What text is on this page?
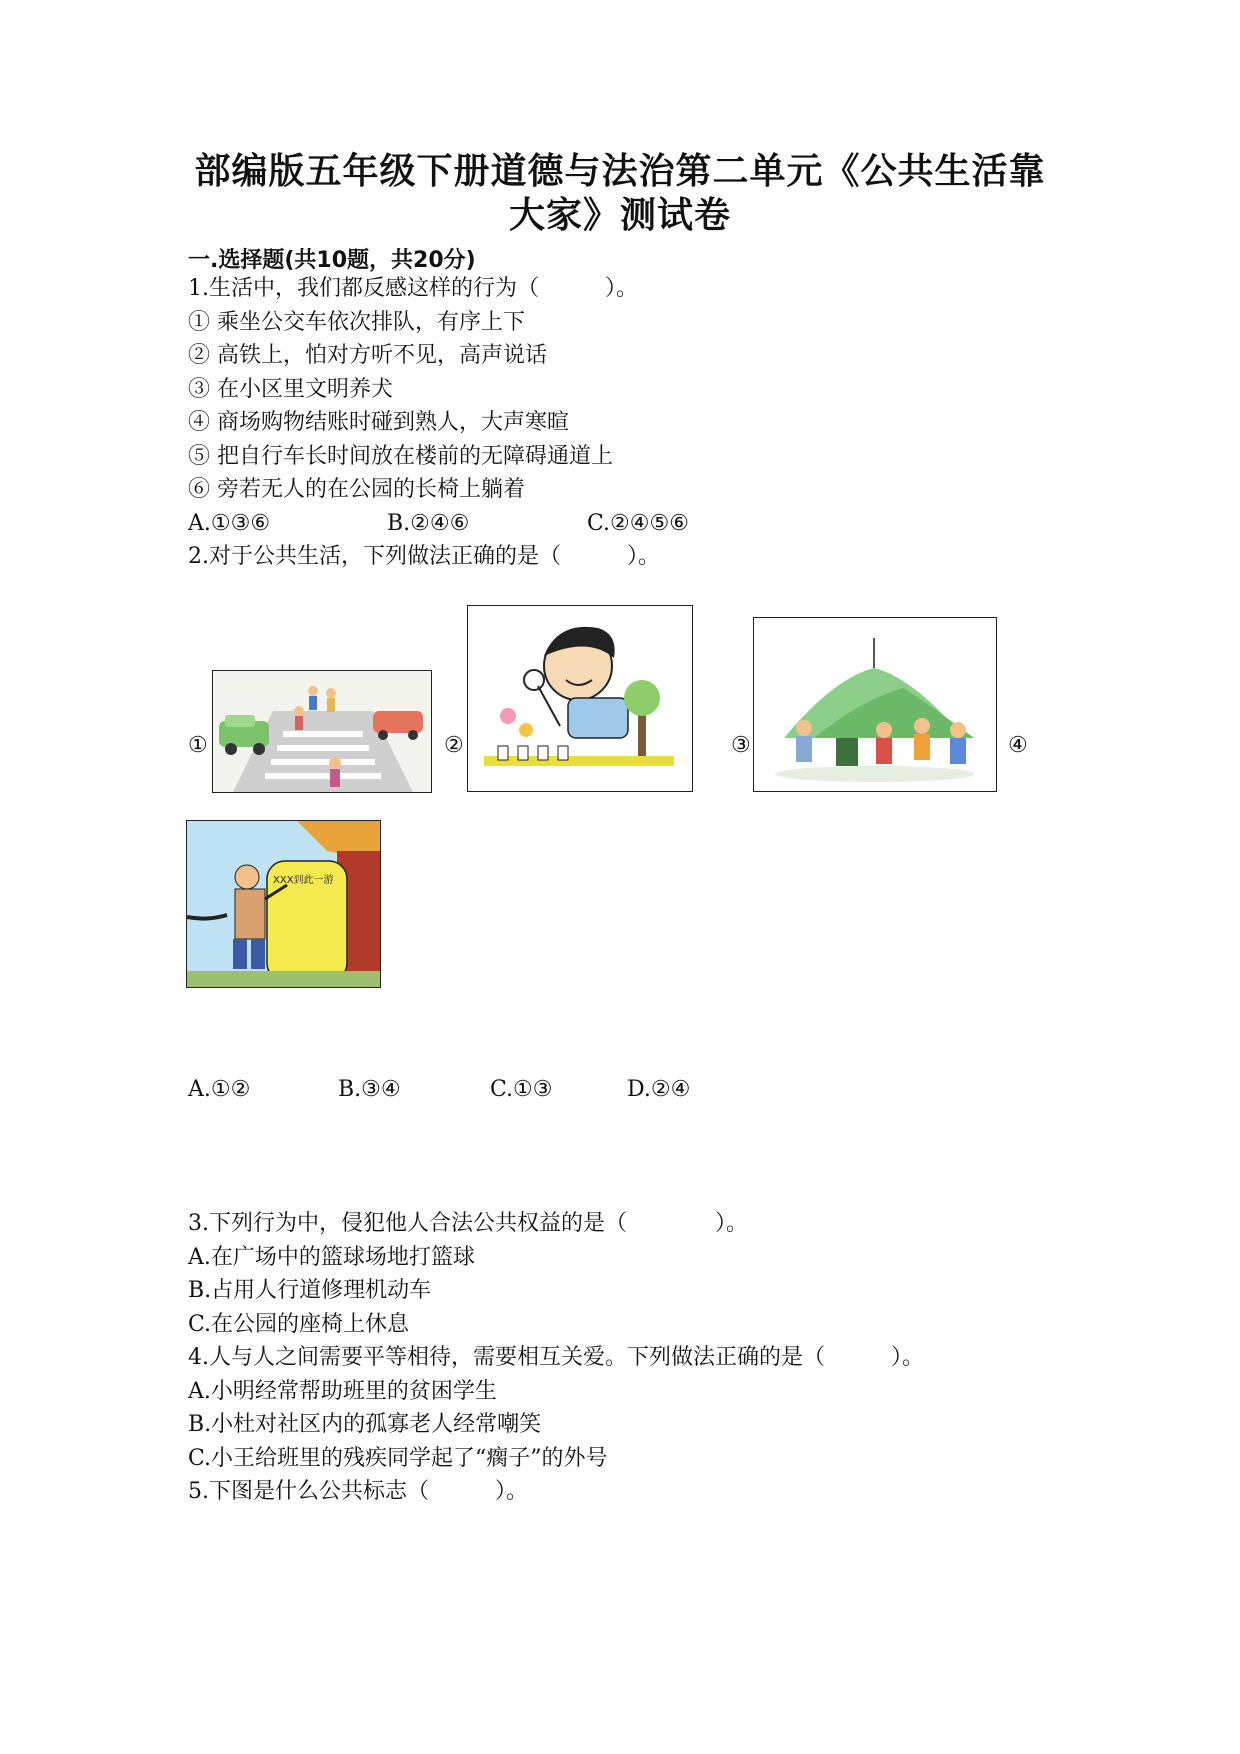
部编版五年级下册道德与法治第二单元《公共生活靠
大家》测试卷
一.选择题(共10题，共20分)
1.生活中，我们都反感这样的行为（　　　）。
① 乘坐公交车依次排队，有序上下
② 高铁上，怕对方听不见，高声说话
③ 在小区里文明养犬
④ 商场购物结账时碰到熟人，大声寒暄
⑤ 把自行车长时间放在楼前的无障碍通道上
⑥ 旁若无人的在公园的长椅上躺着
A.①③⑥	B.②④⑥	C.②④⑤⑥
2.对于公共生活，下列做法正确的是（　　　）。
①	②	③	④
XXX到此一游
A.①②	B.③④	C.①③	D.②④
3.下列行为中，侵犯他人合法公共权益的是（　　　　）。
A.在广场中的篮球场地打篮球
B.占用人行道修理机动车
C.在公园的座椅上休息
4.人与人之间需要平等相待，需要相互关爱。下列做法正确的是（　　　）。
A.小明经常帮助班里的贫困学生
B.小杜对社区内的孤寡老人经常嘲笑
C.小王给班里的残疾同学起了“瘸子”的外号
5.下图是什么公共标志（　　　）。
